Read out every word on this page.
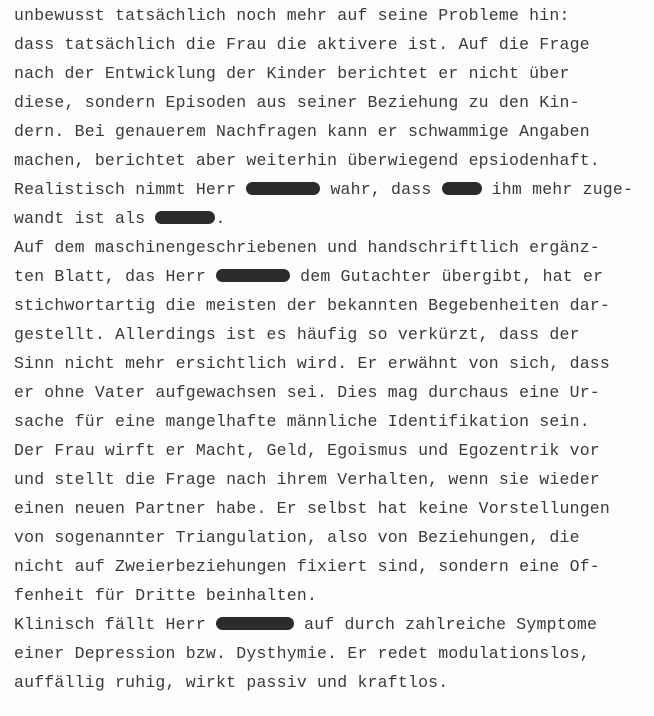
unbewusst tatsächlich noch mehr auf seine Probleme hin:
dass tatsächlich die Frau die aktivere ist. Auf die Frage
nach der Entwicklung der Kinder berichtet er nicht über
diese, sondern Episoden aus seiner Beziehung zu den Kin-
dern. Bei genauerem Nachfragen kann er schwammige Angaben
machen, berichtet aber weiterhin überwiegend epsiodenhaft.
Realistisch nimmt Herr	wahr, dass  ihm mehr zuge-
wandt ist als	.
Auf dem maschinengeschriebenen und handschriftlich ergänz-
ten Blatt, das Herr	dem Gutachter übergibt, hat er
stichwortartig die meisten der bekannten Begebenheiten dar-
gestellt. Allerdings ist es häufig so verkürzt, dass der
Sinn nicht mehr ersichtlich wird. Er erwähnt von sich, dass
er ohne Vater aufgewachsen sei. Dies mag durchaus eine Ur-
sache für eine mangelhafte männliche Identifikation sein.
Der Frau wirft er Macht, Geld, Egoismus und Egozentrik vor
und stellt die Frage nach ihrem Verhalten, wenn sie wieder
einen neuen Partner habe. Er selbst hat keine Vorstellungen
von sogenannter Triangulation, also von Beziehungen, die
nicht auf Zweierbeziehungen fixiert sind, sondern eine Of-
fenheit für Dritte beinhalten.
Klinisch fällt Herr	auf durch zahlreiche Symptome
einer Depression bzw. Dysthymie. Er redet modulationslos,
auffällig ruhig, wirkt passiv und kraftlos.
